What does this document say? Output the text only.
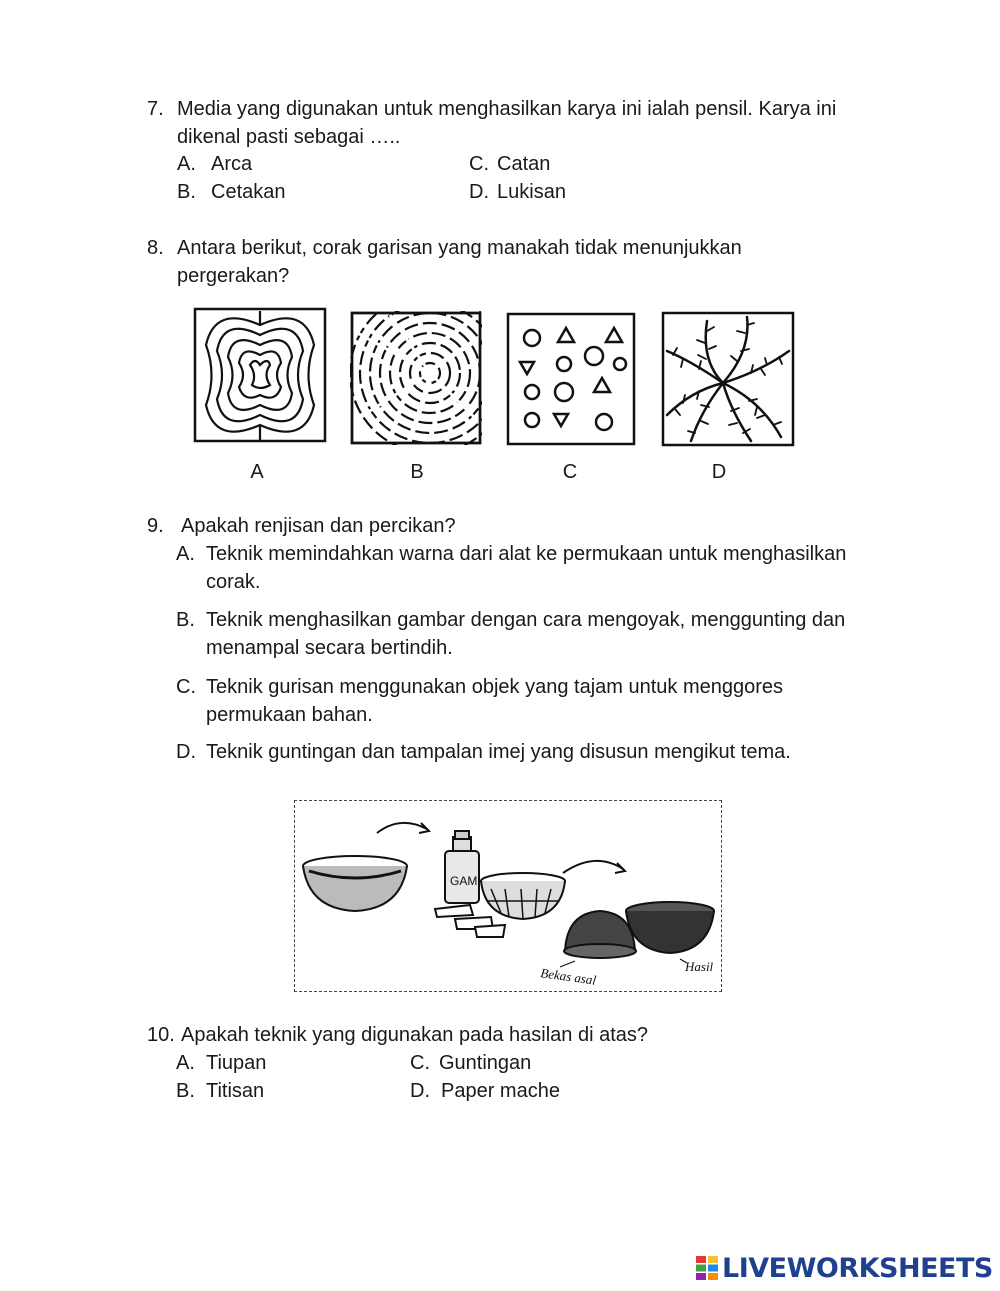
7. Media yang digunakan untuk menghasilkan karya ini ialah pensil. Karya ini
dikenal pasti sebagai …..
A. Arca
B. Cetakan
C. Catan
D. Lukisan
8. Antara berikut, corak garisan yang manakah tidak menunjukkan
pergerakan?
A	B	C	D
9. Apakah renjisan dan percikan?
A. Teknik memindahkan warna dari alat ke permukaan untuk menghasilkan
corak.
B. Teknik menghasilkan gambar dengan cara mengoyak, menggunting dan
menampal secara bertindih.
C. Teknik gurisan menggunakan objek yang tajam untuk menggores
permukaan bahan.
D. Teknik guntingan dan tampalan imej yang disusun mengikut tema.
GAM
Bekas asal	Hasil
10. Apakah teknik yang digunakan pada hasilan di atas?
A. Tiupan
B. Titisan
C. Guntingan
D. Paper mache
LIVEWORKSHEETS
